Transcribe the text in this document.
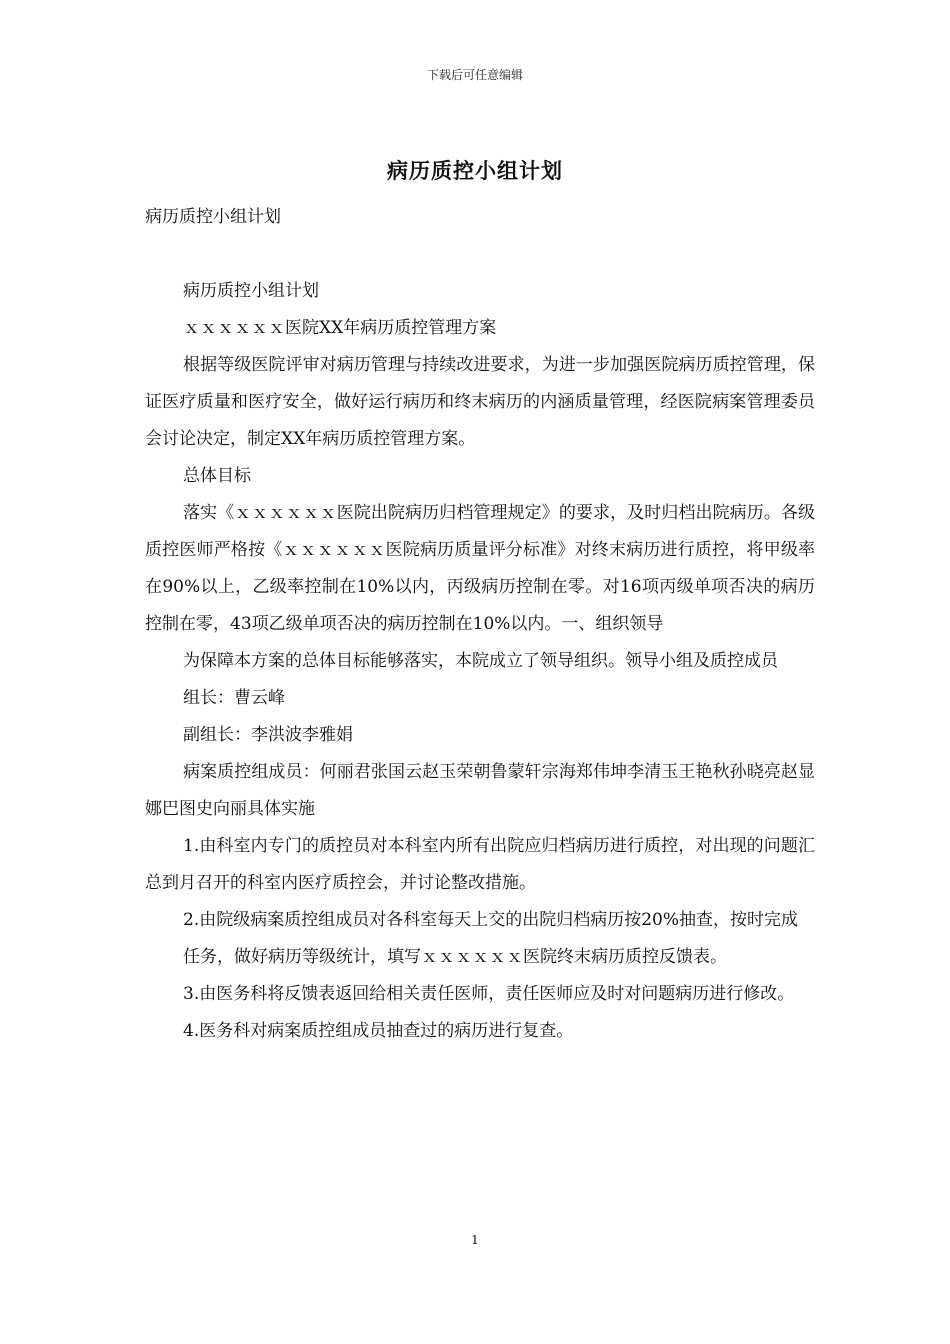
下载后可任意编辑
病历质控小组计划

病历质控小组计划

病历质控小组计划

ｘｘｘｘｘｘ医院XX年病历质控管理方案

根据等级医院评审对病历管理与持续改进要求，为进一步加强医院病历质控管理，保证医疗质量和医疗安全，做好运行病历和终末病历的内涵质量管理，经医院病案管理委员会讨论决定，制定XX年病历质控管理方案。

总体目标

落实《ｘｘｘｘｘｘ医院出院病历归档管理规定》的要求，及时归档出院病历。各级质控医师严格按《ｘｘｘｘｘｘ医院病历质量评分标准》对终末病历进行质控，将甲级率在90%以上，乙级率控制在10%以内，丙级病历控制在零。对16项丙级单项否决的病历控制在零，43项乙级单项否决的病历控制在10%以内。一、组织领导

为保障本方案的总体目标能够落实，本院成立了领导组织。领导小组及质控成员

组长：曹云峰

副组长：李洪波李雅娟

病案质控组成员：何丽君张国云赵玉荣朝鲁蒙轩宗海郑伟坤李清玉王艳秋孙晓亮赵显娜巴图史向丽具体实施

1.由科室内专门的质控员对本科室内所有出院应归档病历进行质控，对出现的问题汇总到月召开的科室内医疗质控会，并讨论整改措施。

2.由院级病案质控组成员对各科室每天上交的出院归档病历按20%抽查，按时完成

任务，做好病历等级统计，填写ｘｘｘｘｘｘ医院终末病历质控反馈表。

3.由医务科将反馈表返回给相关责任医师，责任医师应及时对问题病历进行修改。

4.医务科对病案质控组成员抽查过的病历进行复查。

1
